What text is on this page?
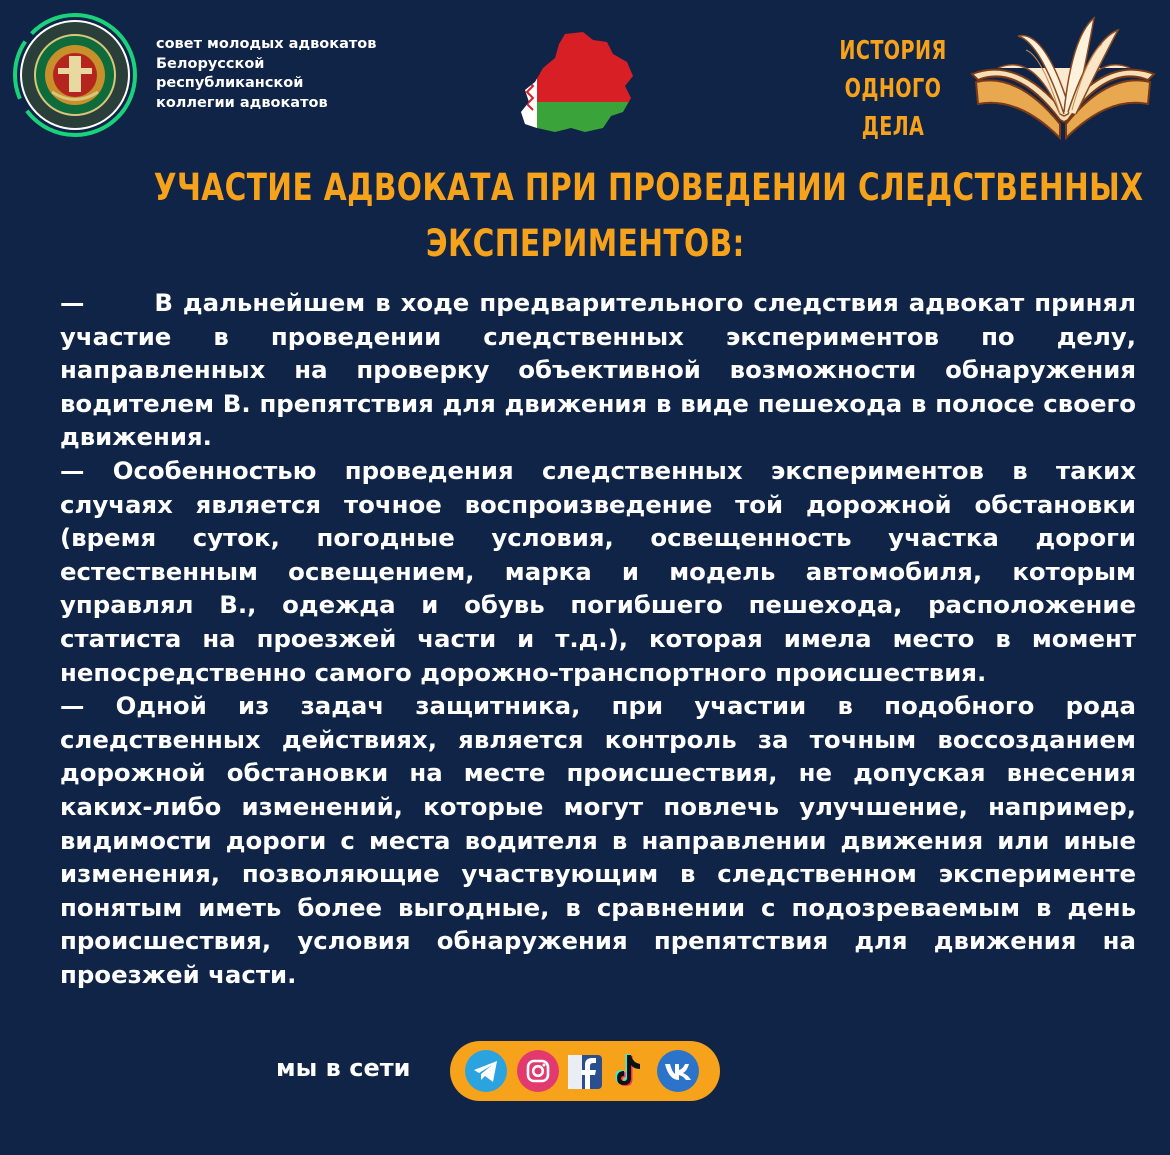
совет молодых адвокатов
Белорусской
республиканской
коллегии адвокатов
ИСТОРИЯ
ОДНОГО
ДЕЛА
УЧАСТИЕ АДВОКАТА ПРИ ПРОВЕДЕНИИ СЛЕДСТВЕННЫХ
ЭКСПЕРИМЕНТОВ:

—       В дальнейшем в ходе предварительного следствия адвокат принял участие в проведении следственных экспериментов по делу, направленных на проверку объективной возможности обнаружения водителем В. препятствия для движения в виде пешехода в полосе своего движения.

— Особенностью проведения следственных экспериментов в таких случаях является точное воспроизведение той дорожной обстановки (время суток, погодные условия, освещенность участка дороги естественным освещением, марка и модель автомобиля, которым управлял В., одежда и обувь погибшего пешехода, расположение статиста на проезжей части и т.д.), которая имела место в момент непосредственно самого дорожно-транспортного происшествия.

— Одной из задач защитника, при участии в подобного рода следственных действиях, является контроль за точным воссозданием дорожной обстановки на месте происшествия, не допуская внесения каких-либо изменений, которые могут повлечь улучшение, например, видимости дороги с места водителя в направлении движения или иные изменения, позволяющие участвующим в следственном эксперименте понятым иметь более выгодные, в сравнении с подозреваемым в день происшествия, условия обнаружения препятствия для движения на проезжей части.

мы в сети
